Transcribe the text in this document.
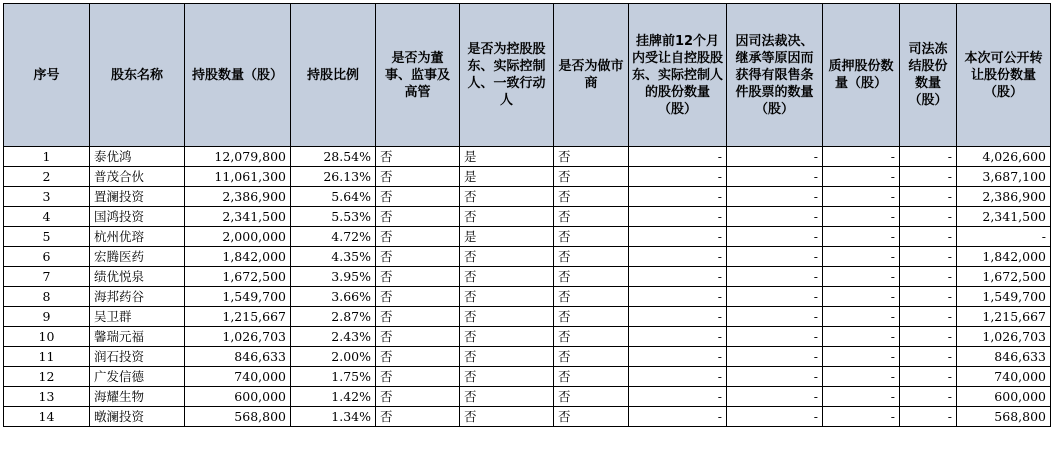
序号	股东名称	持股数量（股）	持股比例	是否为董事、监事及高管	是否为控股股东、实际控制人、一致行动人	是否为做市商	挂牌前12个月内受让自控股股东、实际控制人的股份数量（股）	因司法裁决、继承等原因而获得有限售条件股票的数量（股）	质押股份数量（股）	司法冻结股份数量（股）	本次可公开转让股份数量（股）
1	泰优鸿	12,079,800	28.54%	否	是	否	-	-	-	-	4,026,600
2	普茂合伙	11,061,300	26.13%	否	是	否	-	-	-	-	3,687,100
3	置澜投资	2,386,900	5.64%	否	否	否	-	-	-	-	2,386,900
4	国鸿投资	2,341,500	5.53%	否	否	否	-	-	-	-	2,341,500
5	杭州优瑢	2,000,000	4.72%	否	是	否	-	-	-	-	-
6	宏腾医药	1,842,000	4.35%	否	否	否	-	-	-	-	1,842,000
7	绩优悦泉	1,672,500	3.95%	否	否	否	-	-	-	-	1,672,500
8	海邦药谷	1,549,700	3.66%	否	否	否	-	-	-	-	1,549,700
9	吴卫群	1,215,667	2.87%	否	否	否	-	-	-	-	1,215,667
10	馨瑞元福	1,026,703	2.43%	否	否	否	-	-	-	-	1,026,703
11	润石投资	846,633	2.00%	否	否	否	-	-	-	-	846,633
12	广发信德	740,000	1.75%	否	否	否	-	-	-	-	740,000
13	海耀生物	600,000	1.42%	否	否	否	-	-	-	-	600,000
14	暾澜投资	568,800	1.34%	否	否	否	-	-	-	-	568,800
